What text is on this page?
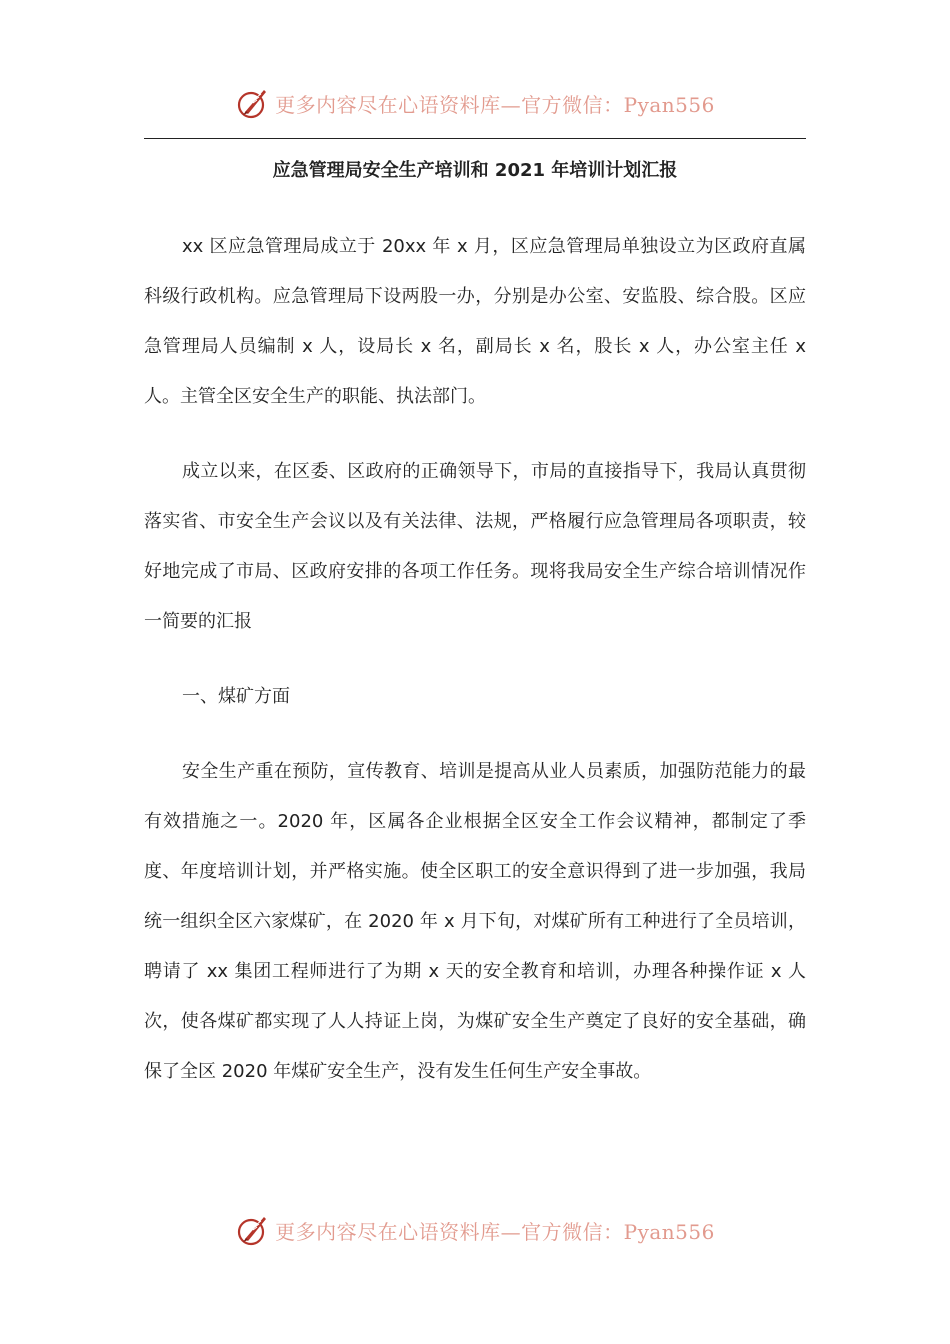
更多内容尽在心语资料库—官方微信：Pyan556
应急管理局安全生产培训和 2021 年培训计划汇报

xx 区应急管理局成立于 20xx 年 x 月，区应急管理局单独设立为区政府直属科级行政机构。应急管理局下设两股一办，分别是办公室、安监股、综合股。区应急管理局人员编制 x 人，设局长 x 名，副局长 x 名，股长 x 人，办公室主任 x 人。主管全区安全生产的职能、执法部门。

成立以来，在区委、区政府的正确领导下，市局的直接指导下，我局认真贯彻落实省、市安全生产会议以及有关法律、法规，严格履行应急管理局各项职责，较好地完成了市局、区政府安排的各项工作任务。现将我局安全生产综合培训情况作一简要的汇报

一、煤矿方面

安全生产重在预防，宣传教育、培训是提高从业人员素质，加强防范能力的最有效措施之一。2020 年，区属各企业根据全区安全工作会议精神，都制定了季度、年度培训计划，并严格实施。使全区职工的安全意识得到了进一步加强，我局统一组织全区六家煤矿，在 2020 年 x 月下旬，对煤矿所有工种进行了全员培训，聘请了 xx 集团工程师进行了为期 x 天的安全教育和培训，办理各种操作证 x 人次，使各煤矿都实现了人人持证上岗，为煤矿安全生产奠定了良好的安全基础，确保了全区 2020 年煤矿安全生产，没有发生任何生产安全事故。

更多内容尽在心语资料库—官方微信：Pyan556
